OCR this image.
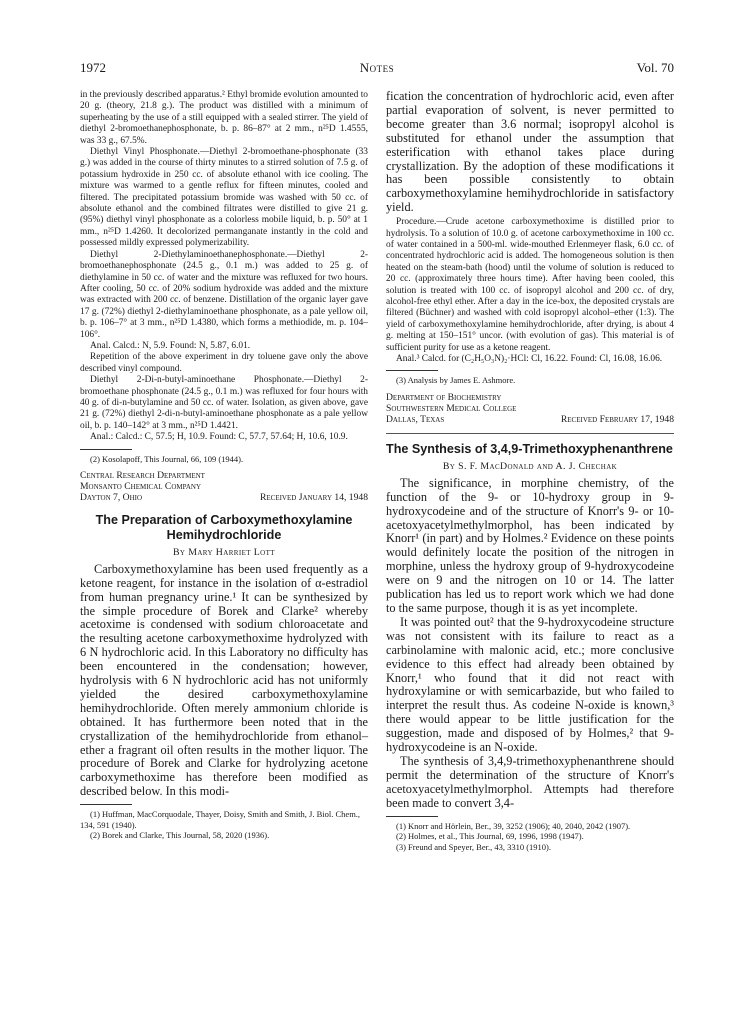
1972	Notes	Vol. 70

in the previously described apparatus.² Ethyl bromide evolution amounted to 20 g. (theory, 21.8 g.). The product was distilled with a minimum of superheating by the use of a still equipped with a sealed stirrer. The yield of diethyl 2-bromoethanephosphonate, b. p. 86–87° at 2 mm., n²⁵D 1.4555, was 33 g., 67.5%.

Diethyl Vinyl Phosphonate.—Diethyl 2-bromoethane-phosphonate (33 g.) was added in the course of thirty minutes to a stirred solution of 7.5 g. of potassium hydroxide in 250 cc. of absolute ethanol with ice cooling. The mixture was warmed to a gentle reflux for fifteen minutes, cooled and filtered. The precipitated potassium bromide was washed with 50 cc. of absolute ethanol and the combined filtrates were distilled to give 21 g. (95%) diethyl vinyl phosphonate as a colorless mobile liquid, b. p. 50° at 1 mm., n²⁵D 1.4260. It decolorized permanganate instantly in the cold and possessed mildly expressed polymerizability.

Diethyl 2-Diethylaminoethanephosphonate.—Diethyl 2-bromoethanephosphonate (24.5 g., 0.1 m.) was added to 25 g. of diethylamine in 50 cc. of water and the mixture was refluxed for two hours. After cooling, 50 cc. of 20% sodium hydroxide was added and the mixture was extracted with 200 cc. of benzene. Distillation of the organic layer gave 17 g. (72%) diethyl 2-diethylaminoethane phosphonate, as a pale yellow oil, b. p. 106–7° at 3 mm., n²⁵D 1.4380, which forms a methiodide, m. p. 104–106°.

Anal. Calcd.: N, 5.9. Found: N, 5.87, 6.01.

Repetition of the above experiment in dry toluene gave only the above described vinyl compound.

Diethyl 2-Di-n-butyl-aminoethane Phosphonate.—Diethyl 2-bromoethane phosphonate (24.5 g., 0.1 m.) was refluxed for four hours with 40 g. of di-n-butylamine and 50 cc. of water. Isolation, as given above, gave 21 g. (72%) diethyl 2-di-n-butyl-aminoethane phosphonate as a pale yellow oil, b. p. 140–142° at 3 mm., n²⁵D 1.4421.

Anal.: Calcd.: C, 57.5; H, 10.9. Found: C, 57.7, 57.64; H, 10.6, 10.9.

(2) Kosolapoff, This Journal, 66, 109 (1944).

Central Research Department
Monsanto Chemical Company
Dayton 7, Ohio	Received January 14, 1948
The Preparation of Carboxymethoxylamine Hemihydrochloride
By Mary Harriet Lott

Carboxymethoxylamine has been used frequently as a ketone reagent, for instance in the isolation of α-estradiol from human pregnancy urine.¹ It can be synthesized by the simple procedure of Borek and Clarke² whereby acetoxime is condensed with sodium chloroacetate and the resulting acetone carboxymethoxime hydrolyzed with 6 N hydrochloric acid. In this Laboratory no difficulty has been encountered in the condensation; however, hydrolysis with 6 N hydrochloric acid has not uniformly yielded the desired carboxymethoxylamine hemihydrochloride. Often merely ammonium chloride is obtained. It has furthermore been noted that in the crystallization of the hemihydrochloride from ethanol–ether a fragrant oil often results in the mother liquor. The procedure of Borek and Clarke for hydrolyzing acetone carboxymethoxime has therefore been modified as described below. In this modi-

(1) Huffman, MacCorquodale, Thayer, Doisy, Smith and Smith, J. Biol. Chem., 134, 591 (1940).

(2) Borek and Clarke, This Journal, 58, 2020 (1936).

fication the concentration of hydrochloric acid, even after partial evaporation of solvent, is never permitted to become greater than 3.6 normal; isopropyl alcohol is substituted for ethanol under the assumption that esterification with ethanol takes place during crystallization. By the adoption of these modifications it has been possible consistently to obtain carboxymethoxylamine hemihydrochloride in satisfactory yield.

Procedure.—Crude acetone carboxymethoxime is distilled prior to hydrolysis. To a solution of 10.0 g. of acetone carboxymethoxime in 100 cc. of water contained in a 500-ml. wide-mouthed Erlenmeyer flask, 6.0 cc. of concentrated hydrochloric acid is added. The homogeneous solution is then heated on the steam-bath (hood) until the volume of solution is reduced to 20 cc. (approximately three hours time). After having been cooled, this solution is treated with 100 cc. of isopropyl alcohol and 200 cc. of dry, alcohol-free ethyl ether. After a day in the ice-box, the deposited crystals are filtered (Büchner) and washed with cold isopropyl alcohol–ether (1:3). The yield of carboxymethoxylamine hemihydrochloride, after drying, is about 4 g. melting at 150–151° uncor. (with evolution of gas). This material is of sufficient purity for use as a ketone reagent.

Anal.³ Calcd. for (C₂H₅O₃N)₂·HCl: Cl, 16.22. Found: Cl, 16.08, 16.06.

(3) Analysis by James E. Ashmore.

Department of Biochemistry
Southwestern Medical College
Dallas, Texas	Received February 17, 1948
The Synthesis of 3,4,9-Trimethoxyphenanthrene
By S. F. MacDonald and A. J. Chechak

The significance, in morphine chemistry, of the function of the 9- or 10-hydroxy group in 9-hydroxycodeine and of the structure of Knorr's 9- or 10-acetoxyacetylmethylmorphol, has been indicated by Knorr¹ (in part) and by Holmes.² Evidence on these points would definitely locate the position of the nitrogen in morphine, unless the hydroxy group of 9-hydroxycodeine were on 9 and the nitrogen on 10 or 14. The latter publication has led us to report work which we had done to the same purpose, though it is as yet incomplete.

It was pointed out² that the 9-hydroxycodeine structure was not consistent with its failure to react as a carbinolamine with malonic acid, etc.; more conclusive evidence to this effect had already been obtained by Knorr,¹ who found that it did not react with hydroxylamine or with semicarbazide, but who failed to interpret the result thus. As codeine N-oxide is known,³ there would appear to be little justification for the suggestion, made and disposed of by Holmes,² that 9-hydroxycodeine is an N-oxide.

The synthesis of 3,4,9-trimethoxyphenanthrene should permit the determination of the structure of Knorr's acetoxyacetylmethylmorphol. Attempts had therefore been made to convert 3,4-

(1) Knorr and Hörlein, Ber., 39, 3252 (1906); 40, 2040, 2042 (1907).

(2) Holmes, et al., This Journal, 69, 1996, 1998 (1947).

(3) Freund and Speyer, Ber., 43, 3310 (1910).
